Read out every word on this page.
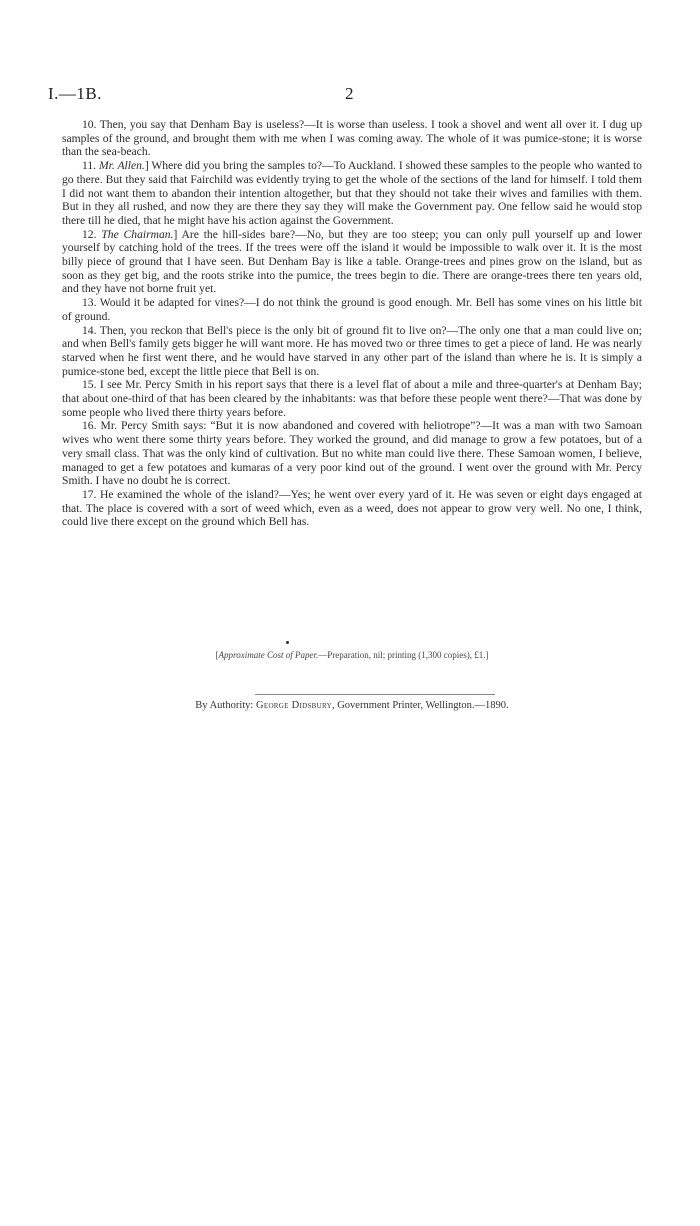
I.—1B.	2

10. Then, you say that Denham Bay is useless?—It is worse than useless. I took a shovel and went all over it. I dug up samples of the ground, and brought them with me when I was coming away. The whole of it was pumice-stone; it is worse than the sea-beach.

11. Mr. Allen.] Where did you bring the samples to?—To Auckland. I showed these samples to the people who wanted to go there. But they said that Fairchild was evidently trying to get the whole of the sections of the land for himself. I told them I did not want them to abandon their intention altogether, but that they should not take their wives and families with them. But in they all rushed, and now they are there they say they will make the Government pay. One fellow said he would stop there till he died, that he might have his action against the Government.

12. The Chairman.] Are the hill-sides bare?—No, but they are too steep; you can only pull yourself up and lower yourself by catching hold of the trees. If the trees were off the island it would be impossible to walk over it. It is the most billy piece of ground that I have seen. But Denham Bay is like a table. Orange-trees and pines grow on the island, but as soon as they get big, and the roots strike into the pumice, the trees begin to die. There are orange-trees there ten years old, and they have not borne fruit yet.

13. Would it be adapted for vines?—I do not think the ground is good enough. Mr. Bell has some vines on his little bit of ground.

14. Then, you reckon that Bell's piece is the only bit of ground fit to live on?—The only one that a man could live on; and when Bell's family gets bigger he will want more. He has moved two or three times to get a piece of land. He was nearly starved when he first went there, and he would have starved in any other part of the island than where he is. It is simply a pumice-stone bed, except the little piece that Bell is on.

15. I see Mr. Percy Smith in his report says that there is a level flat of about a mile and three-quarter's at Denham Bay; that about one-third of that has been cleared by the inhabitants: was that before these people went there?—That was done by some people who lived there thirty years before.

16. Mr. Percy Smith says: “But it is now abandoned and covered with heliotrope”?—It was a man with two Samoan wives who went there some thirty years before. They worked the ground, and did manage to grow a few potatoes, but of a very small class. That was the only kind of cultivation. But no white man could live there. These Samoan women, I believe, managed to get a few potatoes and kumaras of a very poor kind out of the ground. I went over the ground with Mr. Percy Smith. I have no doubt he is correct.

17. He examined the whole of the island?—Yes; he went over every yard of it. He was seven or eight days engaged at that. The place is covered with a sort of weed which, even as a weed, does not appear to grow very well. No one, I think, could live there except on the ground which Bell has.

[Approximate Cost of Paper.—Preparation, nil; printing (1,300 copies), £1.]
By Authority: George Didsbury, Government Printer, Wellington.—1890.
